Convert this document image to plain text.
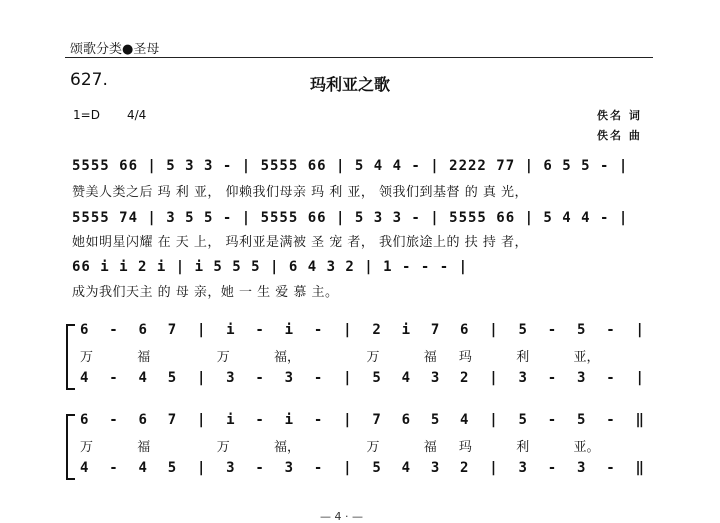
颂歌分类●圣母
627.	玛利亚之歌
1=D 4/4	佚名 词
佚名 曲
5555 66 | 5 3 3 - | 5555 66 | 5 4 4 - | 2222 77 | 6 5 5 - |
赞美人类之后 玛 利 亚， 仰赖我们母亲 玛 利 亚， 领我们到基督 的 真 光，
5555 74 | 3 5 5 - | 5555 66 | 5 3 3 - | 5555 66 | 5 4 4 - |
她如明星闪耀 在 天 上， 玛利亚是满被 圣 宠 者， 我们旅途上的 扶 持 者，
66 i i 2 i | i 5 5 5 | 6 4 3 2 | 1 - - - |
成为我们天主 的 母 亲，她 一 生 爱 慕 主。
6 - 6 7 | i - i - | 2 i 7 6 | 5 - 5 - |
万	福	万	福，	万	福 玛	利	亚，
4 - 4 5 | 3 - 3 - | 5 4 3 2 | 3 - 3 - |
6 - 6 7 | i - i - | 7 6 5 4 | 5 - 5 - ‖
万	福	万	福，	万	福 玛	利	亚。
4 - 4 5 | 3 - 3 - | 5 4 3 2 | 3 - 3 - ‖
— 4 · —
